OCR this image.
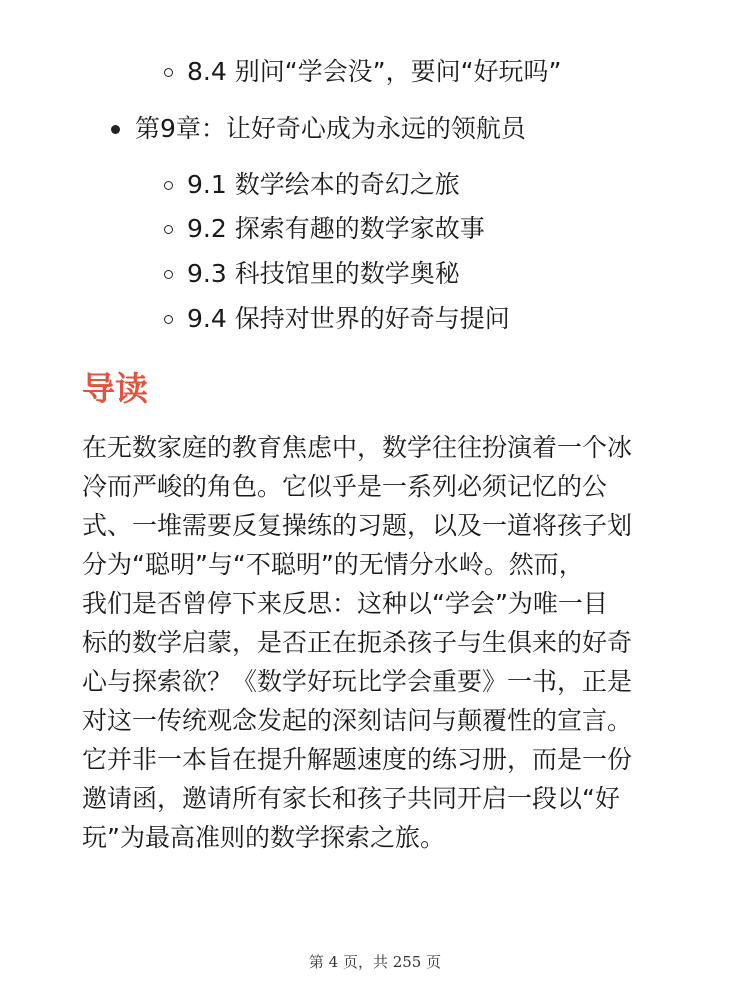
8.4 别问“学会没”，要问“好玩吗”
第9章：让好奇心成为永远的领航员
9.1 数学绘本的奇幻之旅
9.2 探索有趣的数学家故事
9.3 科技馆里的数学奥秘
9.4 保持对世界的好奇与提问
导读

在无数家庭的教育焦虑中，数学往往扮演着一个冰
冷而严峻的角色。它似乎是一系列必须记忆的公
式、一堆需要反复操练的习题，以及一道将孩子划
分为“聪明”与“不聪明”的无情分水岭。然而，
我们是否曾停下来反思：这种以“学会”为唯一目
标的数学启蒙，是否正在扼杀孩子与生俱来的好奇
心与探索欲？《数学好玩比学会重要》一书，正是
对这一传统观念发起的深刻诘问与颠覆性的宣言。
它并非一本旨在提升解题速度的练习册，而是一份
邀请函，邀请所有家长和孩子共同开启一段以“好
玩”为最高准则的数学探索之旅。

第 4 页，共 255 页
